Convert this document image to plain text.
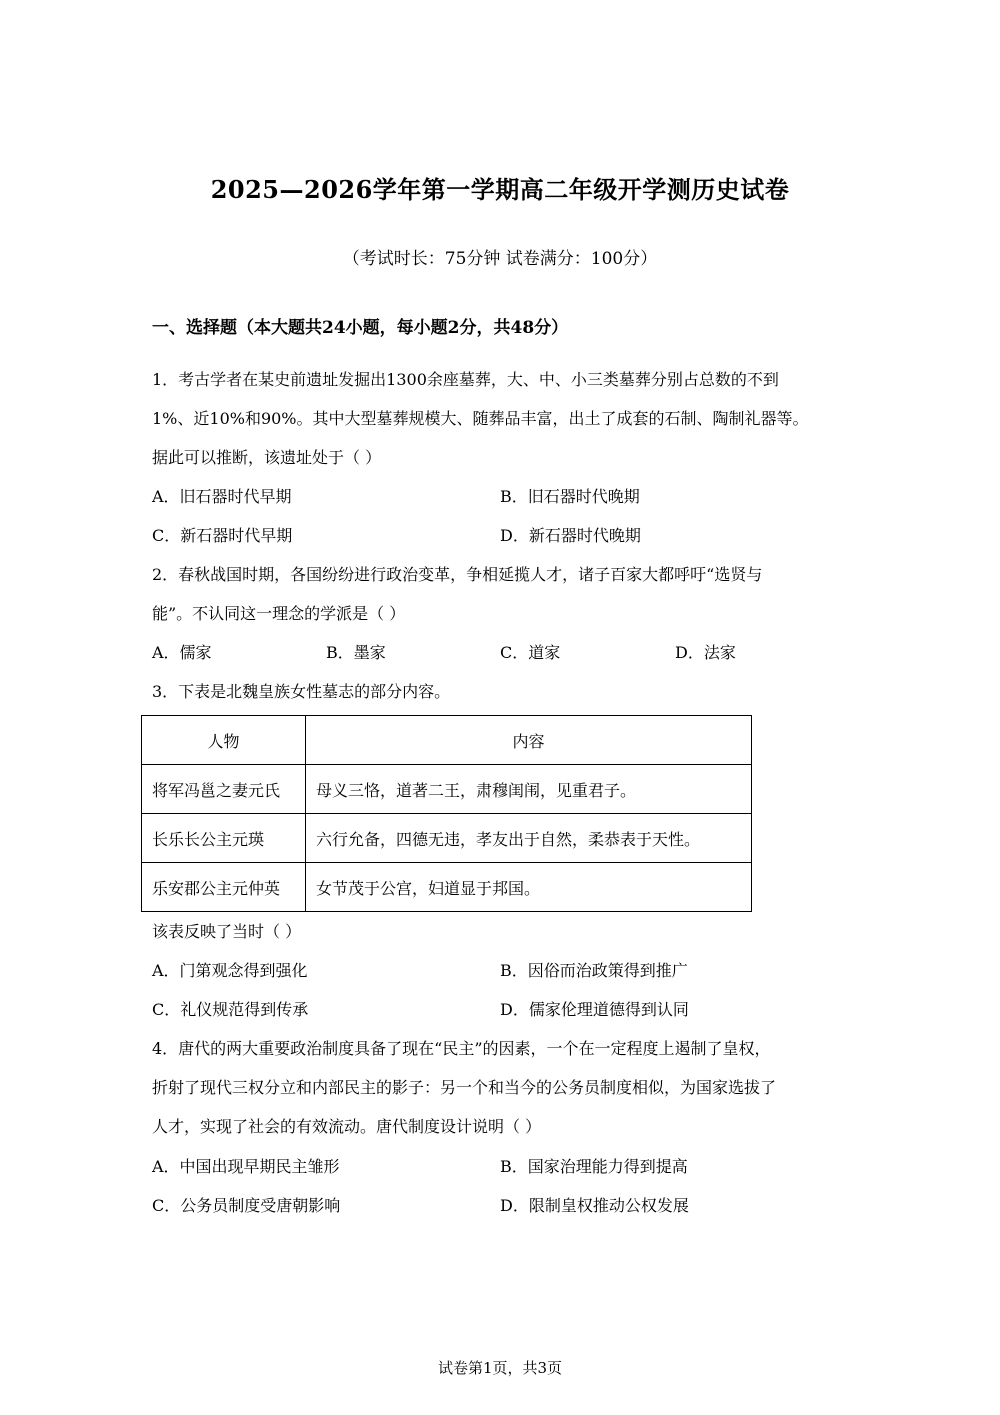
2025—2026学年第一学期高二年级开学测历史试卷
（考试时长：75分钟 试卷满分：100分）
一、选择题（本大题共24小题，每小题2分，共48分）
1．考古学者在某史前遗址发掘出1300余座墓葬，大、中、小三类墓葬分别占总数的不到
1%、近10%和90%。其中大型墓葬规模大、随葬品丰富，出土了成套的石制、陶制礼器等。
据此可以推断，该遗址处于（ ）
A．旧石器时代早期	B．旧石器时代晚期
C．新石器时代早期	D．新石器时代晚期
2．春秋战国时期，各国纷纷进行政治变革，争相延揽人才，诸子百家大都呼吁“选贤与
能”。不认同这一理念的学派是（ ）
A．儒家	B．墨家	C．道家	D．法家
3．下表是北魏皇族女性墓志的部分内容。
人物	内容
将军冯邕之妻元氏	母义三恪，道著二王，肃穆闺闱，见重君子。
长乐长公主元瑛	六行允备，四德无违，孝友出于自然，柔恭表于天性。
乐安郡公主元仲英	女节茂于公宫，妇道显于邦国。
该表反映了当时（ ）
A．门第观念得到强化	B．因俗而治政策得到推广
C．礼仪规范得到传承	D．儒家伦理道德得到认同
4．唐代的两大重要政治制度具备了现在“民主”的因素，一个在一定程度上遏制了皇权，
折射了现代三权分立和内部民主的影子：另一个和当今的公务员制度相似，为国家选拔了
人才，实现了社会的有效流动。唐代制度设计说明（ ）
A．中国出现早期民主雏形	B．国家治理能力得到提高
C．公务员制度受唐朝影响	D．限制皇权推动公权发展
试卷第1页，共3页
